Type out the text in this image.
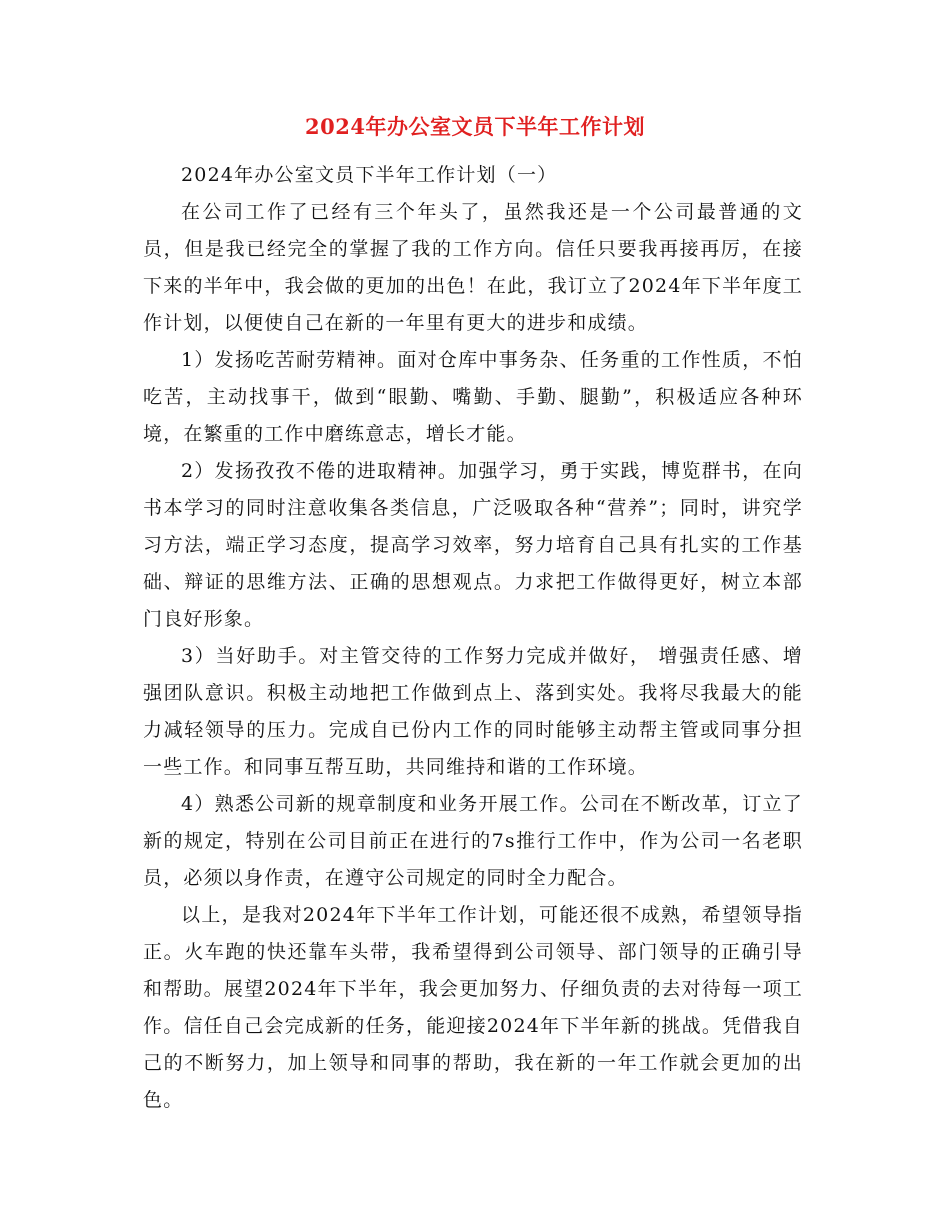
2024年办公室文员下半年工作计划

2024年办公室文员下半年工作计划（一）

在公司工作了已经有三个年头了，虽然我还是一个公司最普通的文员，但是我已经完全的掌握了我的工作方向。信任只要我再接再厉，在接下来的半年中，我会做的更加的出色！在此，我订立了2024年下半年度工作计划，以便使自己在新的一年里有更大的进步和成绩。

1）发扬吃苦耐劳精神。面对仓库中事务杂、任务重的工作性质，不怕吃苦，主动找事干，做到“眼勤、嘴勤、手勤、腿勤”，积极适应各种环境，在繁重的工作中磨练意志，增长才能。

2）发扬孜孜不倦的进取精神。加强学习，勇于实践，博览群书，在向书本学习的同时注意收集各类信息，广泛吸取各种“营养”；同时，讲究学习方法，端正学习态度，提高学习效率，努力培育自己具有扎实的工作基础、辩证的思维方法、正确的思想观点。力求把工作做得更好，树立本部门良好形象。

3）当好助手。对主管交待的工作努力完成并做好， 增强责任感、增强团队意识。积极主动地把工作做到点上、落到实处。我将尽我最大的能力减轻领导的压力。完成自已份内工作的同时能够主动帮主管或同事分担一些工作。和同事互帮互助，共同维持和谐的工作环境。

4）熟悉公司新的规章制度和业务开展工作。公司在不断改革，订立了新的规定，特别在公司目前正在进行的7s推行工作中，作为公司一名老职员，必须以身作责，在遵守公司规定的同时全力配合。

以上，是我对2024年下半年工作计划，可能还很不成熟，希望领导指正。火车跑的快还靠车头带，我希望得到公司领导、部门领导的正确引导和帮助。展望2024年下半年，我会更加努力、仔细负责的去对待每一项工作。信任自己会完成新的任务，能迎接2024年下半年新的挑战。凭借我自己的不断努力，加上领导和同事的帮助，我在新的一年工作就会更加的出色。
